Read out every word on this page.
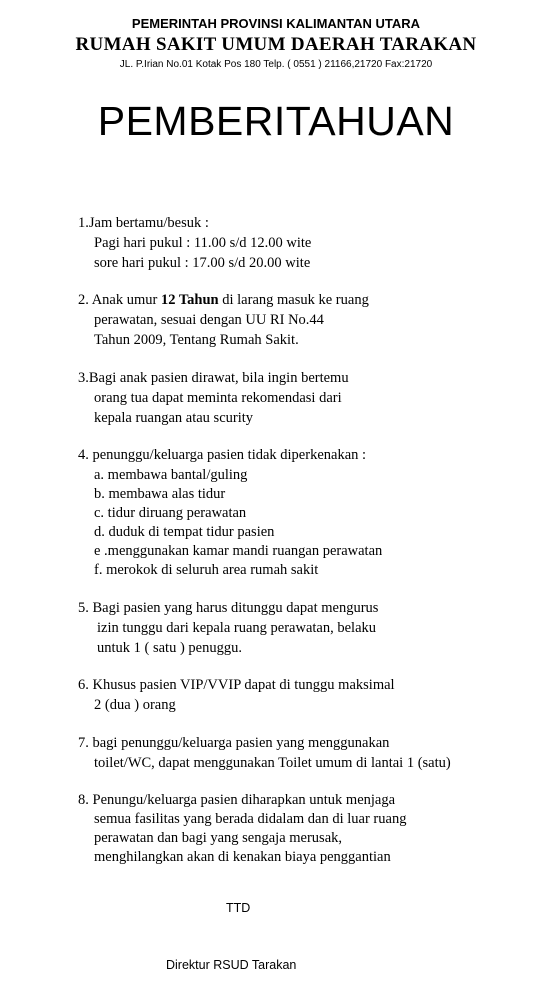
PEMERINTAH PROVINSI KALIMANTAN UTARA
RUMAH SAKIT UMUM DAERAH TARAKAN
JL. P.Irian No.01 Kotak Pos 180 Telp. ( 0551 ) 21166,21720 Fax:21720
PEMBERITAHUAN
1.Jam bertamu/besuk :
Pagi hari pukul : 11.00 s/d 12.00 wite
sore hari pukul : 17.00 s/d 20.00 wite
2. Anak umur 12 Tahun di larang masuk ke ruang
perawatan, sesuai dengan UU RI No.44
Tahun 2009, Tentang Rumah Sakit.
3.Bagi anak pasien dirawat, bila ingin bertemu
orang tua dapat meminta rekomendasi dari
kepala ruangan atau scurity
4. penunggu/keluarga pasien tidak diperkenakan :
a. membawa bantal/guling
b. membawa alas tidur
c. tidur diruang perawatan
d. duduk di tempat tidur pasien
e .menggunakan kamar mandi ruangan perawatan
f. merokok di seluruh area rumah sakit
5. Bagi pasien yang harus ditunggu dapat mengurus
izin tunggu dari kepala ruang perawatan, belaku
untuk 1 ( satu ) penuggu.
6. Khusus pasien VIP/VVIP dapat di tunggu maksimal
2 (dua ) orang
7. bagi penunggu/keluarga pasien yang menggunakan
toilet/WC, dapat menggunakan Toilet umum di lantai 1 (satu)
8. Penungu/keluarga pasien diharapkan untuk menjaga
semua fasilitas yang berada didalam dan di luar ruang
perawatan dan bagi yang sengaja merusak,
menghilangkan akan di kenakan biaya penggantian
TTD
Direktur RSUD Tarakan
